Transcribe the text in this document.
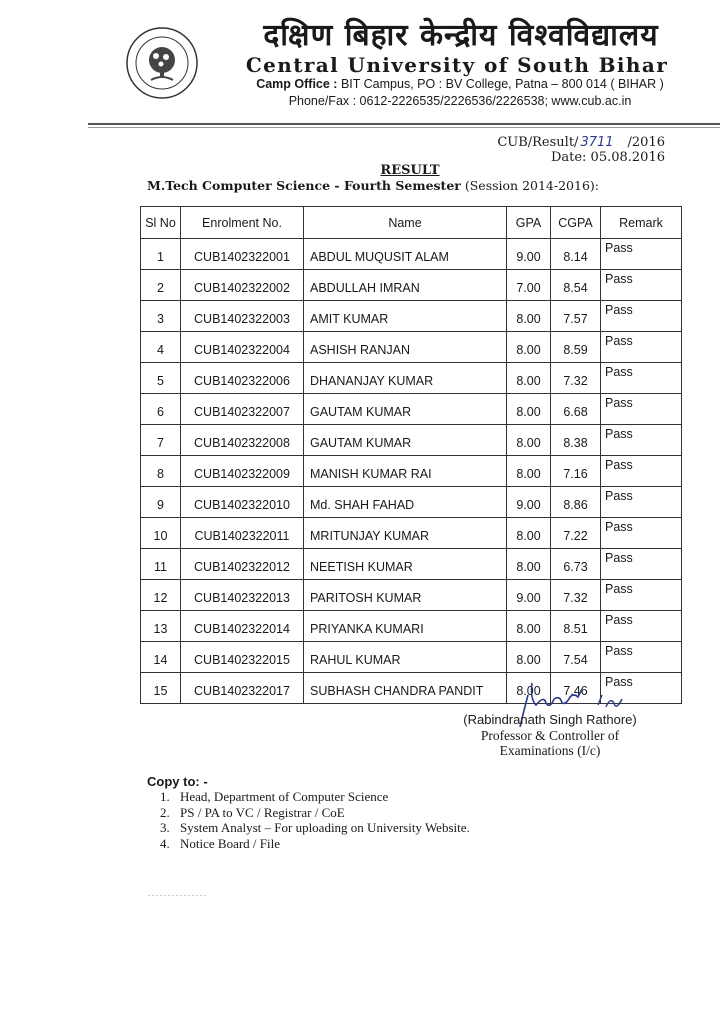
दक्षिण बिहार केन्द्रीय विश्वविद्यालय
Central University of South Bihar
Camp Office : BIT Campus, PO : BV College, Patna – 800 014 ( BIHAR )
Phone/Fax : 0612-2226535/2226536/2226538; www.cub.ac.in
CUB/Result/ 3711 /2016
Date: 05.08.2016
RESULT
M.Tech Computer Science - Fourth Semester (Session 2014-2016):
Sl No	Enrolment No.	Name	GPA	CGPA	Remark

1	CUB1402322001	ABDUL MUQUSIT ALAM	9.00	8.14	Pass

2	CUB1402322002	ABDULLAH IMRAN	7.00	8.54	Pass

3	CUB1402322003	AMIT KUMAR	8.00	7.57	Pass

4	CUB1402322004	ASHISH RANJAN	8.00	8.59	Pass

5	CUB1402322006	DHANANJAY KUMAR	8.00	7.32	Pass

6	CUB1402322007	GAUTAM KUMAR	8.00	6.68	Pass

7	CUB1402322008	GAUTAM KUMAR	8.00	8.38	Pass

8	CUB1402322009	MANISH KUMAR RAI	8.00	7.16	Pass

9	CUB1402322010	Md. SHAH FAHAD	9.00	8.86	Pass

10	CUB1402322011	MRITUNJAY KUMAR	8.00	7.22	Pass

11	CUB1402322012	NEETISH KUMAR	8.00	6.73	Pass

12	CUB1402322013	PARITOSH KUMAR	9.00	7.32	Pass

13	CUB1402322014	PRIYANKA KUMARI	8.00	8.51	Pass

14	CUB1402322015	RAHUL KUMAR	8.00	7.54	Pass

15	CUB1402322017	SUBHASH CHANDRA PANDIT	8.00	7.46	Pass
(Rabindranath Singh Rathore)
Professor & Controller of
Examinations (I/c)
Copy to: -
1. Head, Department of Computer Science
2. PS / PA to VC / Registrar / CoE
3. System Analyst – For uploading on University Website.
4. Notice Board / File
